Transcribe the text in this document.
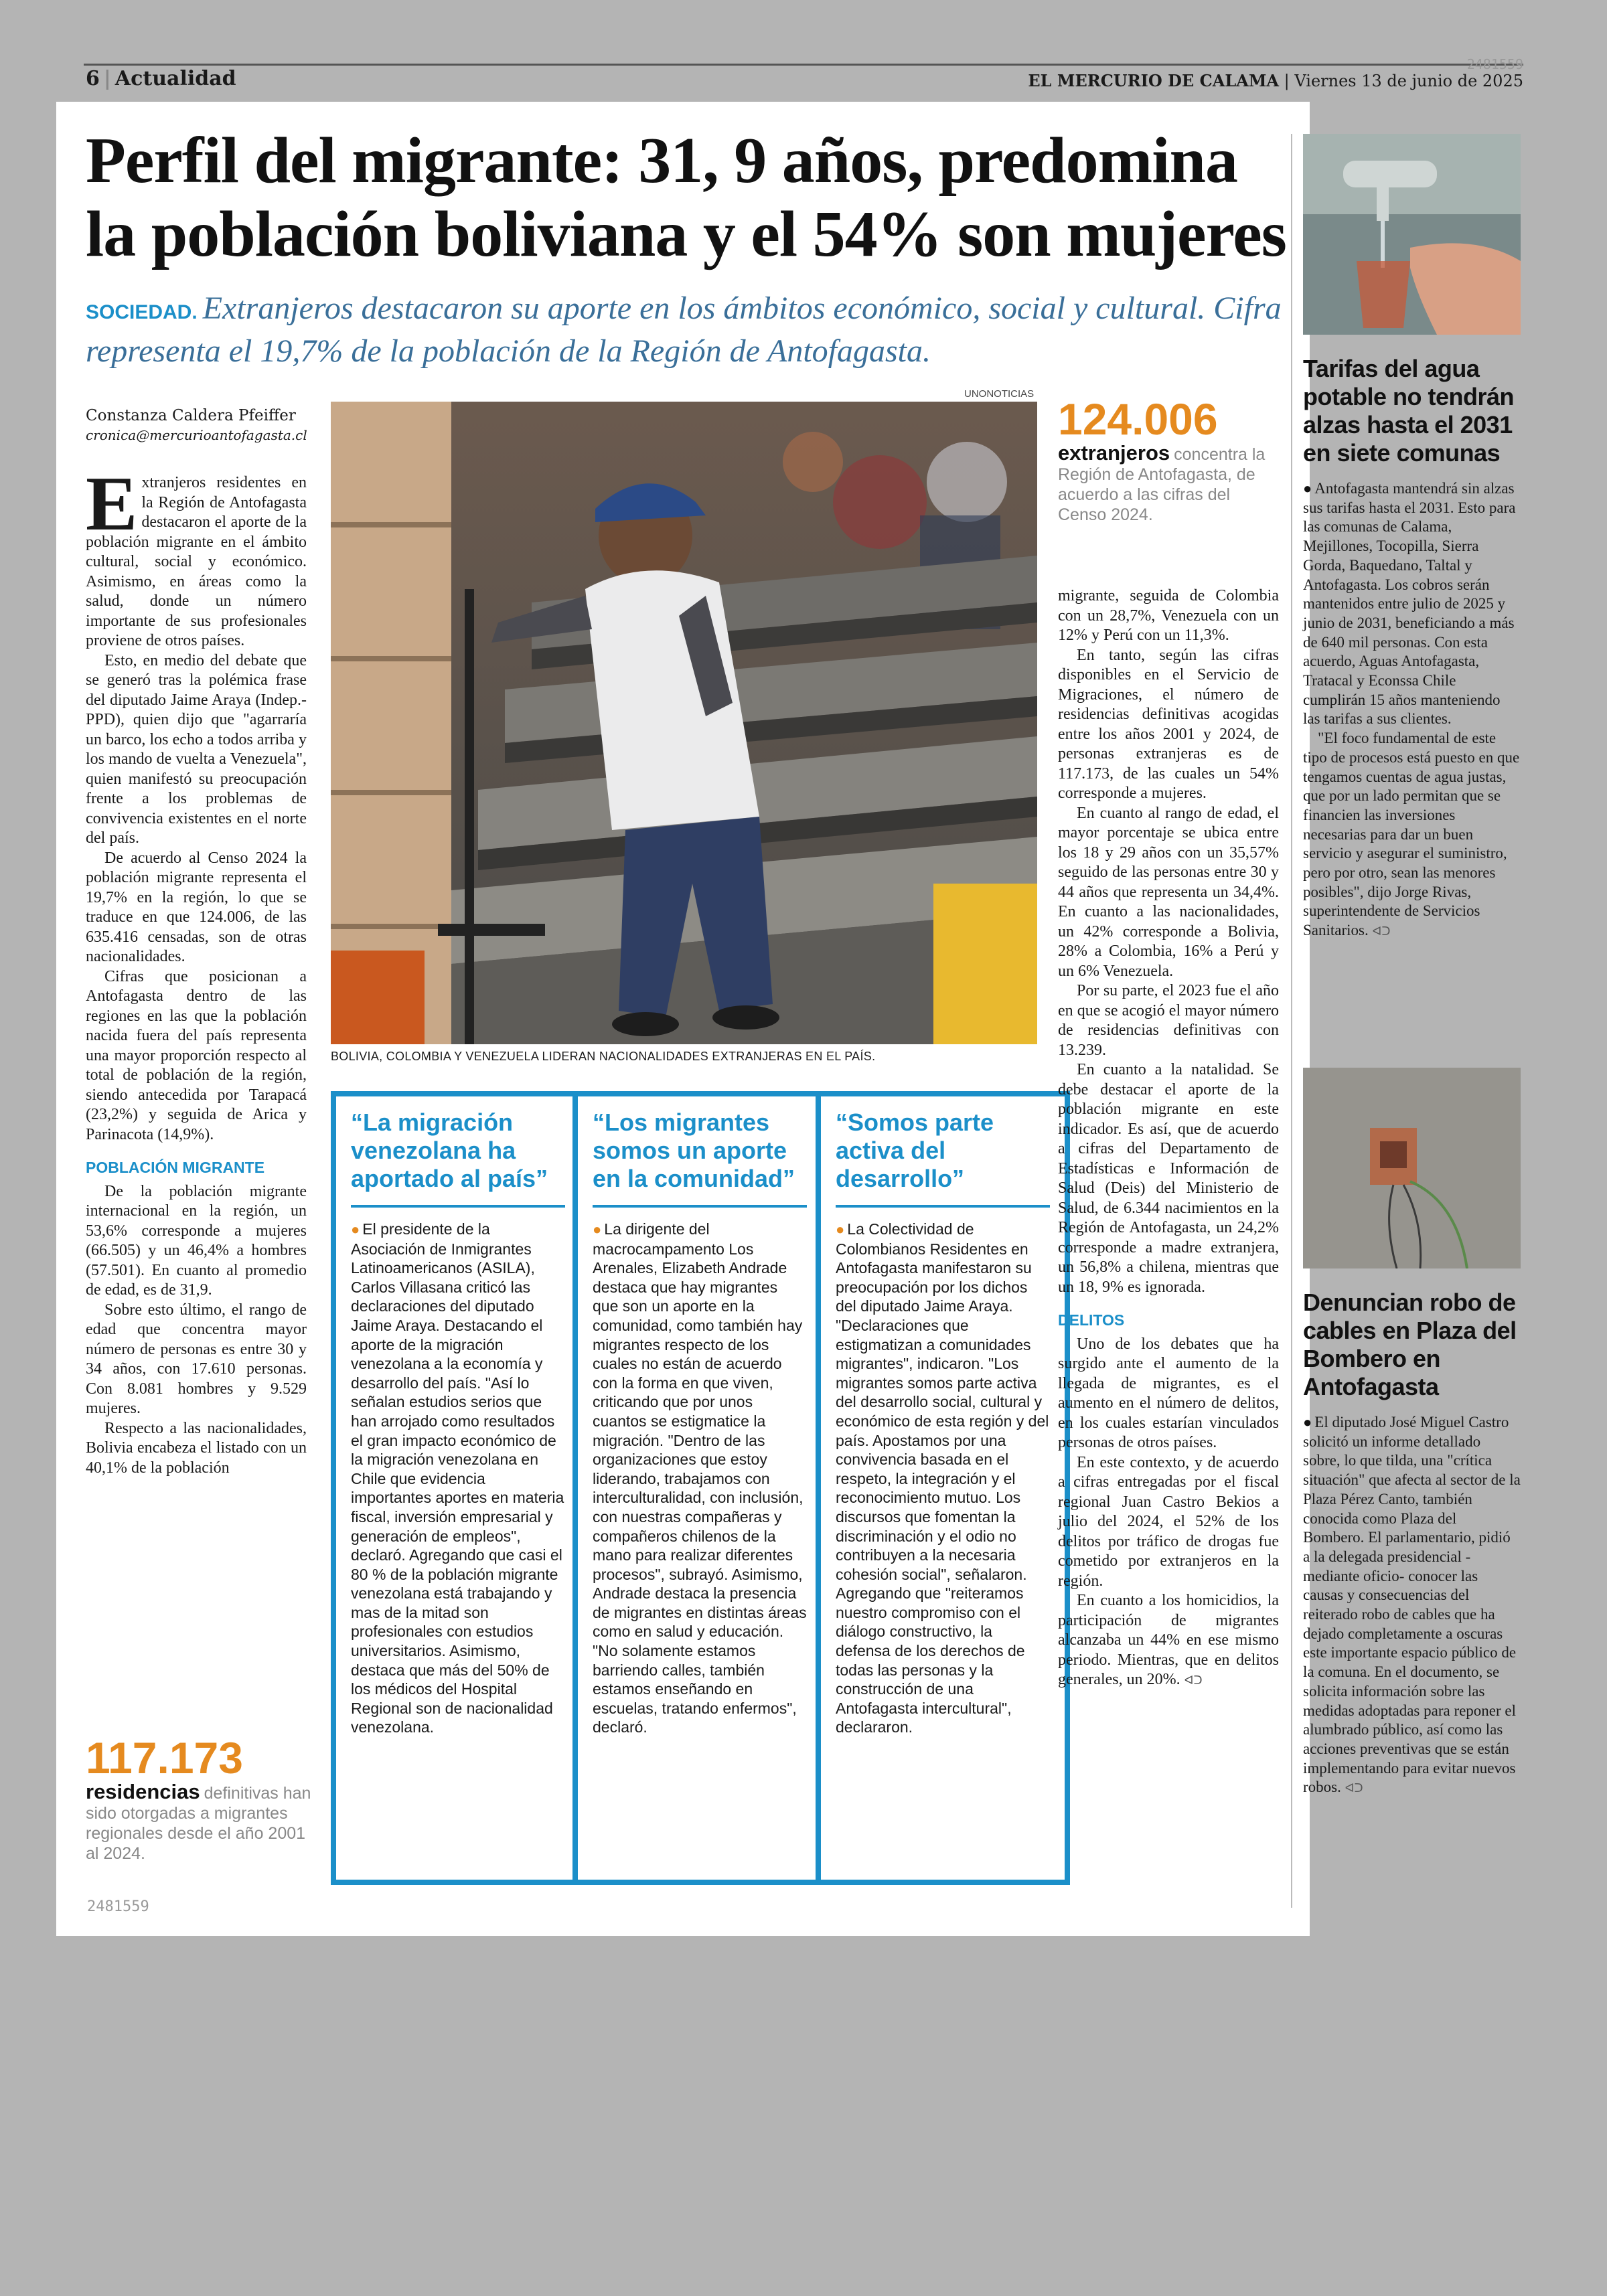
6 | Actualidad
2481559
EL MERCURIO DE CALAMA | Viernes 13 de junio de 2025
Perfil del migrante: 31, 9 años, predomina la población boliviana y el 54% son mujeres
SOCIEDAD. Extranjeros destacaron su aporte en los ámbitos económico, social y cultural. Cifra representa el 19,7% de la población de la Región de Antofagasta.
Constanza Caldera Pfeiffer
cronica@mercurioantofagasta.cl

Extranjeros residentes en la Región de Antofagasta destacaron el aporte de la población migrante en el ámbito cultural, social y económico. Asimismo, en áreas como la salud, donde un número importante de sus profesionales proviene de otros países.

Esto, en medio del debate que se generó tras la polémica frase del diputado Jaime Araya (Indep.-PPD), quien dijo que "agarraría un barco, los echo a todos arriba y los mando de vuelta a Venezuela", quien manifestó su preocupación frente a los problemas de convivencia existentes en el norte del país.

De acuerdo al Censo 2024 la población migrante representa el 19,7% en la región, lo que se traduce en que 124.006, de las 635.416 censadas, son de otras nacionalidades.

Cifras que posicionan a Antofagasta dentro de las regiones en las que la población nacida fuera del país representa una mayor proporción respecto al total de población de la región, siendo antecedida por Tarapacá (23,2%) y seguida de Arica y Parinacota (14,9%).

POBLACIÓN MIGRANTE

De la población migrante internacional en la región, un 53,6% corresponde a mujeres (66.505) y un 46,4% a hombres (57.501). En cuanto al promedio de edad, es de 31,9.

Sobre esto último, el rango de edad que concentra mayor número de personas es entre 30 y 34 años, con 17.610 personas. Con 8.081 hombres y 9.529 mujeres.

Respecto a las nacionalidades, Bolivia encabeza el listado con un 40,1% de la población

117.173
residencias definitivas han sido otorgadas a migrantes regionales desde el año 2001 al 2024.
UNONOTICIAS
BOLIVIA, COLOMBIA Y VENEZUELA LIDERAN NACIONALIDADES EXTRANJERAS EN EL PAÍS.
“La migración venezolana ha aportado al país”
● El presidente de la Asociación de Inmigrantes Latinoamericanos (ASILA), Carlos Villasana criticó las declaraciones del diputado Jaime Araya. Destacando el aporte de la migración venezolana a la economía y desarrollo del país. "Así lo señalan estudios serios que han arrojado como resultados el gran impacto económico de la migración venezolana en Chile que evidencia importantes aportes en materia fiscal, inversión empresarial y generación de empleos", declaró. Agregando que casi el 80 % de la población migrante venezolana está trabajando y mas de la mitad son profesionales con estudios universitarios. Asimismo, destaca que más del 50% de los médicos del Hospital Regional son de nacionalidad venezolana.
“Los migrantes somos un aporte en la comunidad”
● La dirigente del macrocampamento Los Arenales, Elizabeth Andrade destaca que hay migrantes que son un aporte en la comunidad, como también hay migrantes respecto de los cuales no están de acuerdo con la forma en que viven, criticando que por unos cuantos se estigmatice la migración. "Dentro de las organizaciones que estoy liderando, trabajamos con interculturalidad, con inclusión, con nuestras compañeras y compañeros chilenos de la mano para realizar diferentes procesos", subrayó. Asimismo, Andrade destaca la presencia de migrantes en distintas áreas como en salud y educación. "No solamente estamos barriendo calles, también estamos enseñando en escuelas, tratando enfermos", declaró.
“Somos parte activa del desarrollo”
● La Colectividad de Colombianos Residentes en Antofagasta manifestaron su preocupación por los dichos del diputado Jaime Araya. "Declaraciones que estigmatizan a comunidades migrantes", indicaron. "Los migrantes somos parte activa del desarrollo social, cultural y económico de esta región y del país. Apostamos por una convivencia basada en el respeto, la integración y el reconocimiento mutuo. Los discursos que fomentan la discriminación y el odio no contribuyen a la necesaria cohesión social", señalaron. Agregando que "reiteramos nuestro compromiso con el diálogo constructivo, la defensa de los derechos de todas las personas y la construcción de una Antofagasta intercultural", declararon.
124.006
extranjeros concentra la Región de Antofagasta, de acuerdo a las cifras del Censo 2024.

migrante, seguida de Colombia con un 28,7%, Venezuela con un 12% y Perú con un 11,3%.

En tanto, según las cifras disponibles en el Servicio de Migraciones, el número de residencias definitivas acogidas entre los años 2001 y 2024, de personas extranjeras es de 117.173, de las cuales un 54% corresponde a mujeres.

En cuanto al rango de edad, el mayor porcentaje se ubica entre los 18 y 29 años con un 35,57% seguido de las personas entre 30 y 44 años que representa un 34,4%. En cuanto a las nacionalidades, un 42% corresponde a Bolivia, 28% a Colombia, 16% a Perú y un 6% Venezuela.

Por su parte, el 2023 fue el año en que se acogió el mayor número de residencias definitivas con 13.239.

En cuanto a la natalidad. Se debe destacar el aporte de la población migrante en este indicador. Es así, que de acuerdo a cifras del Departamento de Estadísticas e Información de Salud (Deis) del Ministerio de Salud, de 6.344 nacimientos en la Región de Antofagasta, un 24,2% corresponde a madre extranjera, un 56,8% a chilena, mientras que un 18, 9% es ignorada.

DELITOS

Uno de los debates que ha surgido ante el aumento de la llegada de migrantes, es el aumento en el número de delitos, en los cuales estarían vinculados personas de otros países.

En este contexto, y de acuerdo a cifras entregadas por el fiscal regional Juan Castro Bekios a julio del 2024, el 52% de los delitos por tráfico de drogas fue cometido por extranjeros en la región.

En cuanto a los homicidios, la participación de migrantes alcanzaba un 44% en ese mismo periodo. Mientras, que en delitos generales, un 20%. ᐊᑐ

Tarifas del agua potable no tendrán alzas hasta el 2031 en siete comunas

● Antofagasta mantendrá sin alzas sus tarifas hasta el 2031. Esto para las comunas de Calama, Mejillones, Tocopilla, Sierra Gorda, Baquedano, Taltal y Antofagasta. Los cobros serán mantenidos entre julio de 2025 y junio de 2031, beneficiando a más de 640 mil personas. Con esta acuerdo, Aguas Antofagasta, Tratacal y Econssa Chile cumplirán 15 años manteniendo las tarifas a sus clientes.

"El foco fundamental de este tipo de procesos está puesto en que tengamos cuentas de agua justas, que por un lado permitan que se financien las inversiones necesarias para dar un buen servicio y asegurar el suministro, pero por otro, sean las menores posibles", dijo Jorge Rivas, superintendente de Servicios Sanitarios. ᐊᑐ

Denuncian robo de cables en Plaza del Bombero en Antofagasta

● El diputado José Miguel Castro solicitó un informe detallado sobre, lo que tilda, una "crítica situación" que afecta al sector de la Plaza Pérez Canto, también conocida como Plaza del Bombero. El parlamentario, pidió a la delegada presidencial -mediante oficio- conocer las causas y consecuencias del reiterado robo de cables que ha dejado completamente a oscuras este importante espacio público de la comuna. En el documento, se solicita información sobre las medidas adoptadas para reponer el alumbrado público, así como las acciones preventivas que se están implementando para evitar nuevos robos. ᐊᑐ

2481559
